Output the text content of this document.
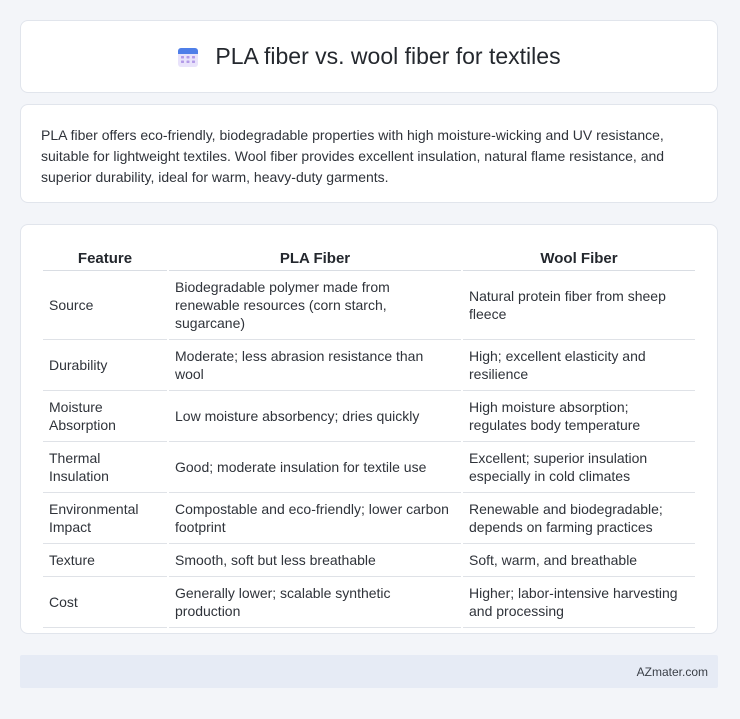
PLA fiber vs. wool fiber for textiles

PLA fiber offers eco-friendly, biodegradable properties with high moisture-wicking and UV resistance, suitable for lightweight textiles. Wool fiber provides excellent insulation, natural flame resistance, and superior durability, ideal for warm, heavy-duty garments.

Feature	PLA Fiber	Wool Fiber
Source	Biodegradable polymer made from renewable resources (corn starch, sugarcane)	Natural protein fiber from sheep fleece
Durability	Moderate; less abrasion resistance than wool	High; excellent elasticity and resilience
Moisture Absorption	Low moisture absorbency; dries quickly	High moisture absorption; regulates body temperature
Thermal Insulation	Good; moderate insulation for textile use	Excellent; superior insulation especially in cold climates
Environmental Impact	Compostable and eco-friendly; lower carbon footprint	Renewable and biodegradable; depends on farming practices
Texture	Smooth, soft but less breathable	Soft, warm, and breathable
Cost	Generally lower; scalable synthetic production	Higher; labor-intensive harvesting and processing
AZmater.com
